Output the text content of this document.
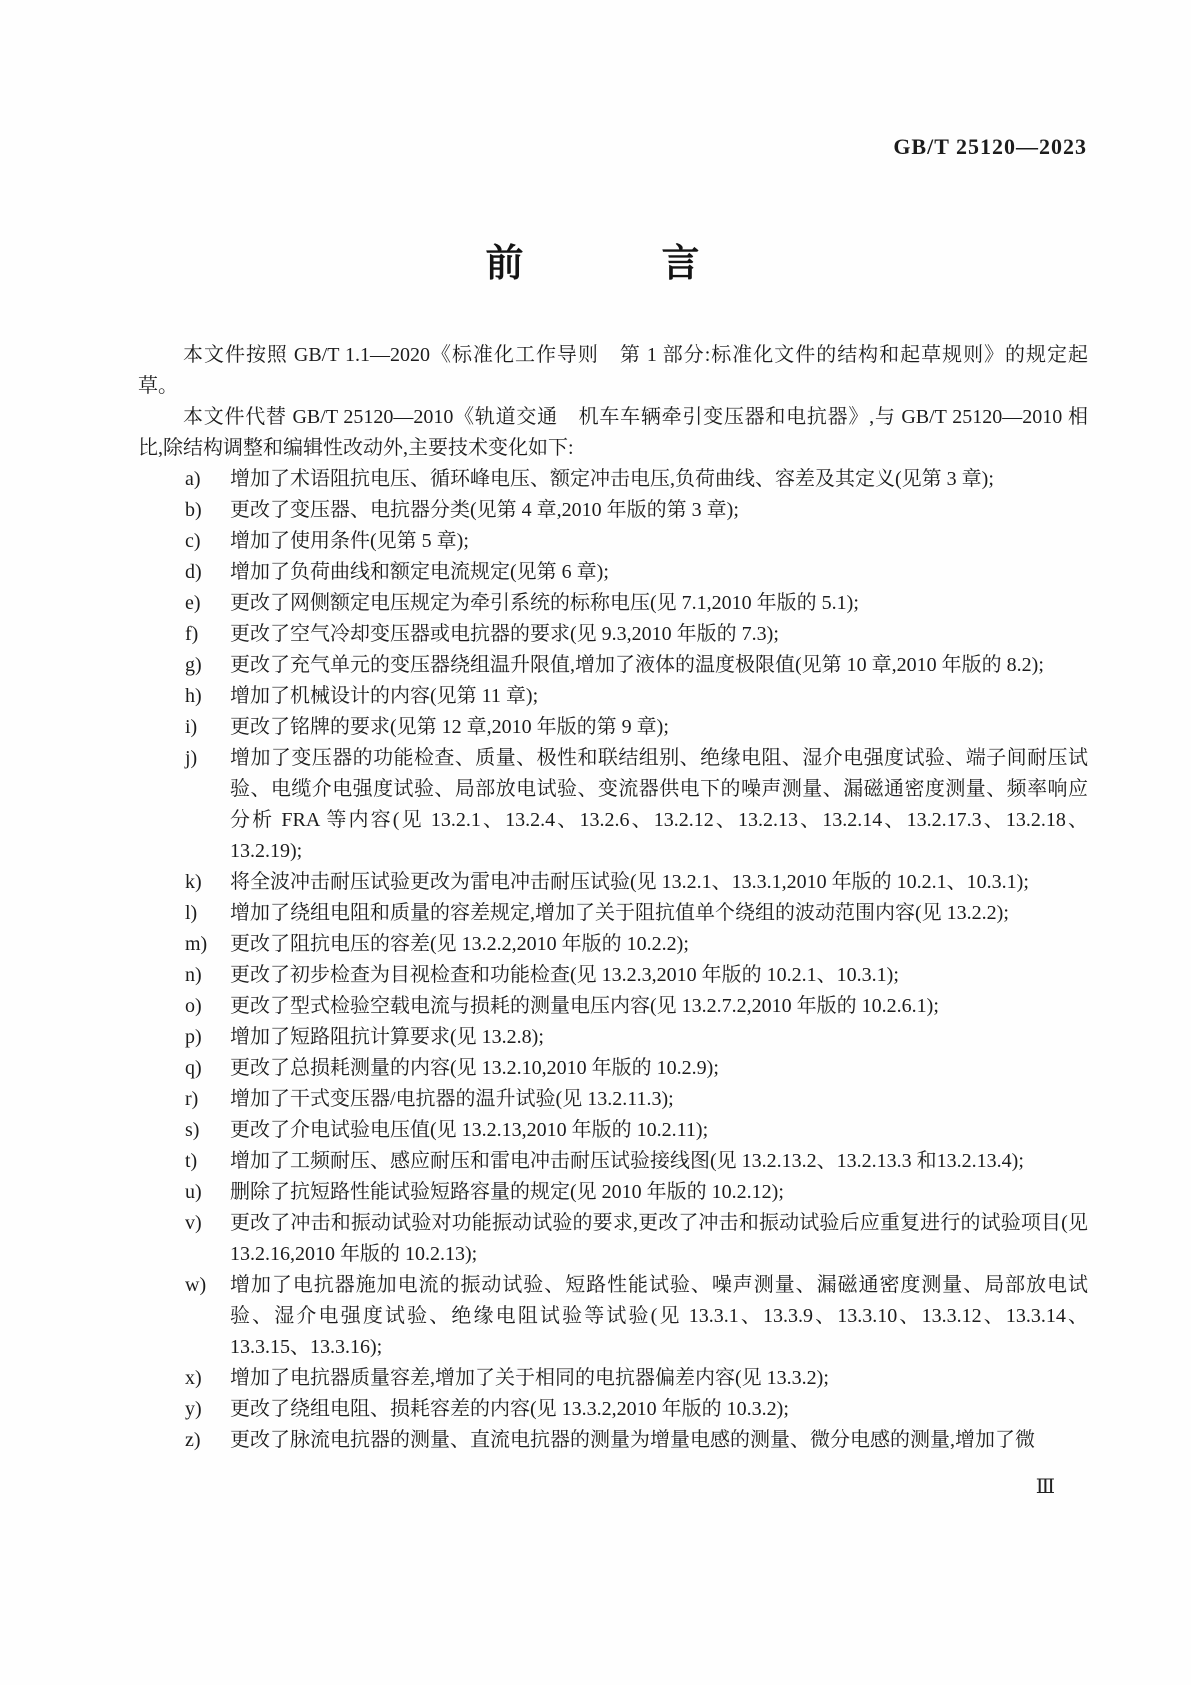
GB/T 25120—2023
前　　　言

本文件按照 GB/T 1.1—2020《标准化工作导则　第 1 部分:标准化文件的结构和起草规则》的规定起草。

本文件代替 GB/T 25120—2010《轨道交通　机车车辆牵引变压器和电抗器》,与 GB/T 25120—2010 相比,除结构调整和编辑性改动外,主要技术变化如下:

a)	增加了术语阻抗电压、循环峰电压、额定冲击电压,负荷曲线、容差及其定义(见第 3 章);
b)	更改了变压器、电抗器分类(见第 4 章,2010 年版的第 3 章);
c)	增加了使用条件(见第 5 章);
d)	增加了负荷曲线和额定电流规定(见第 6 章);
e)	更改了网侧额定电压规定为牵引系统的标称电压(见 7.1,2010 年版的 5.1);
f)	更改了空气冷却变压器或电抗器的要求(见 9.3,2010 年版的 7.3);
g)	更改了充气单元的变压器绕组温升限值,增加了液体的温度极限值(见第 10 章,2010 年版的 8.2);
h)	增加了机械设计的内容(见第 11 章);
i)	更改了铭牌的要求(见第 12 章,2010 年版的第 9 章);
j)	增加了变压器的功能检查、质量、极性和联结组别、绝缘电阻、湿介电强度试验、端子间耐压试验、电缆介电强度试验、局部放电试验、变流器供电下的噪声测量、漏磁通密度测量、频率响应分析 FRA 等内容(见 13.2.1、13.2.4、13.2.6、13.2.12、13.2.13、13.2.14、13.2.17.3、13.2.18、13.2.19);
k)	将全波冲击耐压试验更改为雷电冲击耐压试验(见 13.2.1、13.3.1,2010 年版的 10.2.1、10.3.1);
l)	增加了绕组电阻和质量的容差规定,增加了关于阻抗值单个绕组的波动范围内容(见 13.2.2);
m)	更改了阻抗电压的容差(见 13.2.2,2010 年版的 10.2.2);
n)	更改了初步检查为目视检查和功能检查(见 13.2.3,2010 年版的 10.2.1、10.3.1);
o)	更改了型式检验空载电流与损耗的测量电压内容(见 13.2.7.2,2010 年版的 10.2.6.1);
p)	增加了短路阻抗计算要求(见 13.2.8);
q)	更改了总损耗测量的内容(见 13.2.10,2010 年版的 10.2.9);
r)	增加了干式变压器/电抗器的温升试验(见 13.2.11.3);
s)	更改了介电试验电压值(见 13.2.13,2010 年版的 10.2.11);
t)	增加了工频耐压、感应耐压和雷电冲击耐压试验接线图(见 13.2.13.2、13.2.13.3 和13.2.13.4);
u)	删除了抗短路性能试验短路容量的规定(见 2010 年版的 10.2.12);
v)	更改了冲击和振动试验对功能振动试验的要求,更改了冲击和振动试验后应重复进行的试验项目(见 13.2.16,2010 年版的 10.2.13);
w)	增加了电抗器施加电流的振动试验、短路性能试验、噪声测量、漏磁通密度测量、局部放电试验、湿介电强度试验、绝缘电阻试验等试验(见 13.3.1、13.3.9、13.3.10、13.3.12、13.3.14、13.3.15、13.3.16);
x)	增加了电抗器质量容差,增加了关于相同的电抗器偏差内容(见 13.3.2);
y)	更改了绕组电阻、损耗容差的内容(见 13.3.2,2010 年版的 10.3.2);
z)	更改了脉流电抗器的测量、直流电抗器的测量为增量电感的测量、微分电感的测量,增加了微
Ⅲ
